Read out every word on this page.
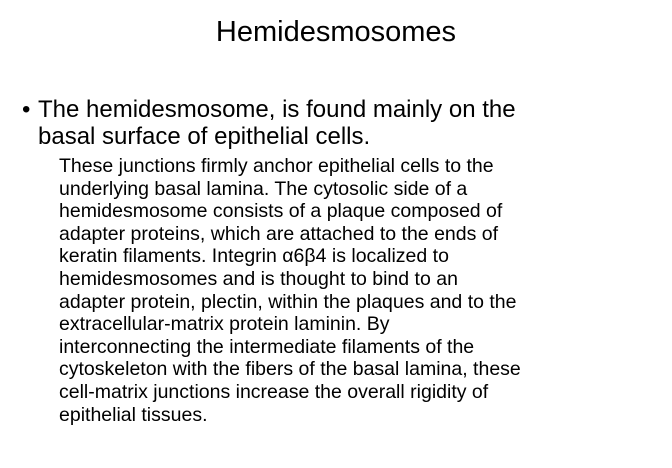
Hemidesmosomes
• The hemidesmosome, is found mainly on the
basal surface of epithelial cells.

These junctions firmly anchor epithelial cells to the
underlying basal lamina. The cytosolic side of a
hemidesmosome consists of a plaque composed of
adapter proteins, which are attached to the ends of
keratin filaments. Integrin α6β4 is localized to
hemidesmosomes and is thought to bind to an
adapter protein, plectin, within the plaques and to the
extracellular-matrix protein laminin. By
interconnecting the intermediate filaments of the
cytoskeleton with the fibers of the basal lamina, these
cell-matrix junctions increase the overall rigidity of
epithelial tissues.
